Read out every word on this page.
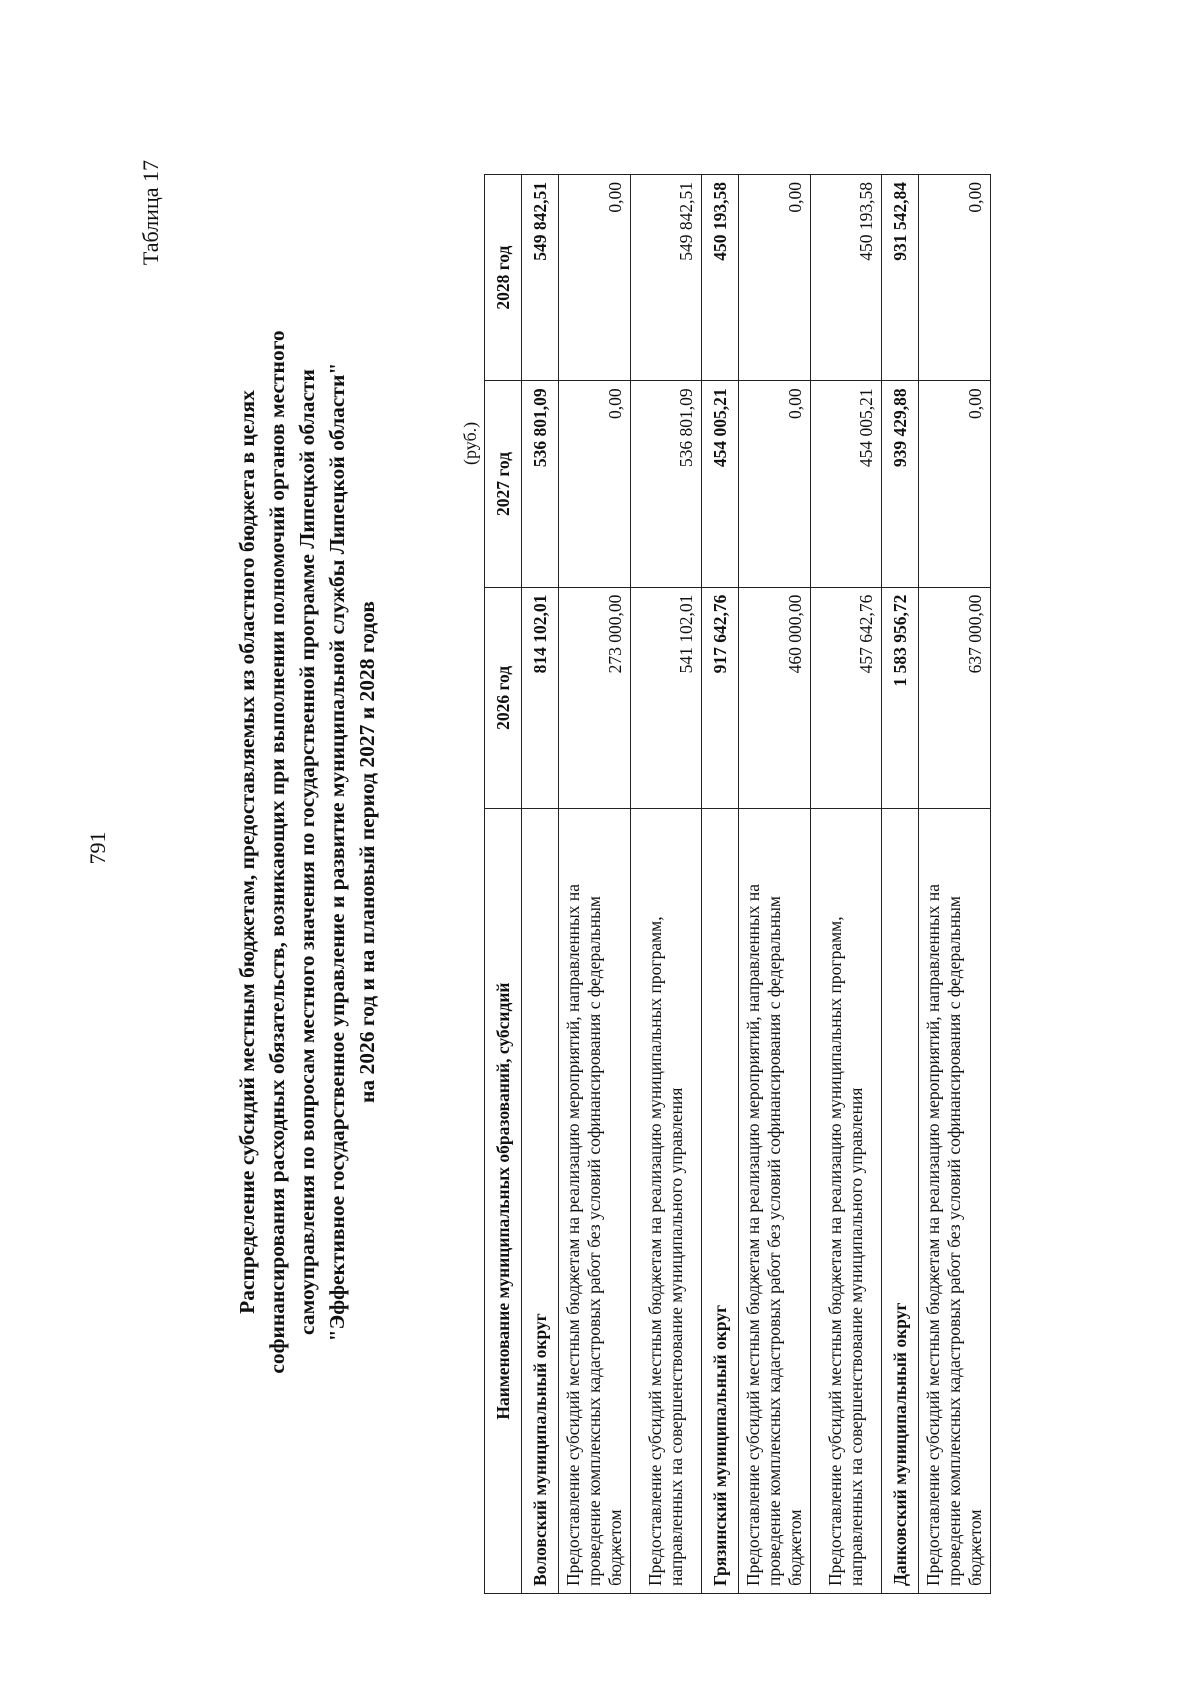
791
Таблица 17
Распределение субсидий местным бюджетам, предоставляемых из областного бюджета в целях софинансирования расходных обязательств, возникающих при выполнении полномочий органов местного самоуправления по вопросам местного значения по государственной программе Липецкой области "Эффективное государственное управление и развитие муниципальной службы Липецкой области" на 2026 год и на плановый период 2027 и 2028 годов
(руб.)
Наименование муниципальных образований, субсидий	2026 год	2027 год	2028 год
Воловский муниципальный округ	814 102,01	536 801,09	549 842,51
Предоставление субсидий местным бюджетам на реализацию мероприятий, направленных на проведение комплексных кадастровых работ без условий софинансирования с федеральным бюджетом	273 000,00	0,00	0,00
Предоставление субсидий местным бюджетам на реализацию муниципальных программ, направленных на совершенствование муниципального управления	541 102,01	536 801,09	549 842,51
Грязинский муниципальный округ	917 642,76	454 005,21	450 193,58
Предоставление субсидий местным бюджетам на реализацию мероприятий, направленных на проведение комплексных кадастровых работ без условий софинансирования с федеральным бюджетом	460 000,00	0,00	0,00
Предоставление субсидий местным бюджетам на реализацию муниципальных программ, направленных на совершенствование муниципального управления	457 642,76	454 005,21	450 193,58
Данковский муниципальный округ	1 583 956,72	939 429,88	931 542,84
Предоставление субсидий местным бюджетам на реализацию мероприятий, направленных на проведение комплексных кадастровых работ без условий софинансирования с федеральным бюджетом	637 000,00	0,00	0,00
